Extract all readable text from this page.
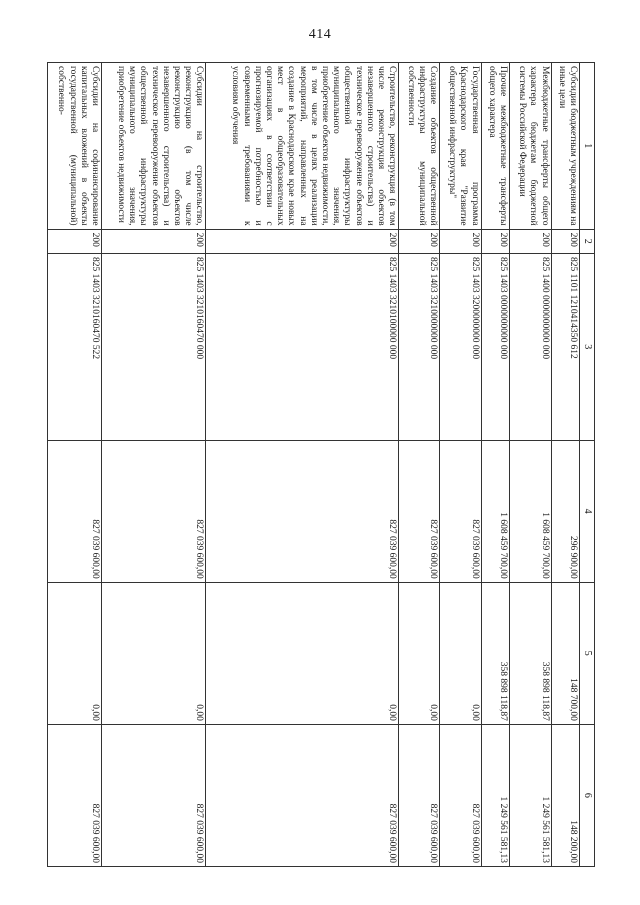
414
1	2	3	4	5	6
Субсидии бюджетным учреждениям на иные цели	200	825 1101 1210414350 612	296 900,00	148 700,00	148 200,00
Межбюджетные трансферты общего характера бюджетам бюджетной системы Российской Федерации	200	825 1400 0000000000 000	1 608 459 700,00	358 898 118,87	1 249 561 581,13
Прочие межбюджетные трансферты общего характера	200	825 1403 0000000000 000	1 608 459 700,00	358 898 118,87	1 249 561 581,13
Государственная программа Краснодарского края "Развитие общественной инфраструктуры"	200	825 1403 3200000000 000	827 039 600,00	0,00	827 039 600,00
Создание объектов общественной инфраструктуры муниципальной собственности	200	825 1403 3210000000 000	827 039 600,00	0,00	827 039 600,00
Строительство, реконструкция (в том числе реконструкция объектов незавершенного строительства) и техническое перевооружение объектов общественной инфраструктуры муниципального значения, приобретение объектов недвижимости, в том числе в целях реализации мероприятий, направленных на создание в Краснодарском крае новых мест в общеобразовательных организациях в соответствии с прогнозируемой потребностью и современными требованиями к условиям обучения	200	825 1403 3210100000 000	827 039 600,00	0,00	827 039 600,00
Субсидии на строительство, реконструкцию (в том числе реконструкцию объектов незавершенного строительства) и техническое перевооружение объектов общественной инфраструктуры муниципального значения, приобретение объектов недвижимости	200	825 1403 3210160470 000	827 039 600,00	0,00	827 039 600,00
Субсидии на софинансирование капитальных вложений в объекты государственной (муниципальной) собственно-	200	825 1403 3210160470 522	827 039 600,00	0,00	827 039 600,00
